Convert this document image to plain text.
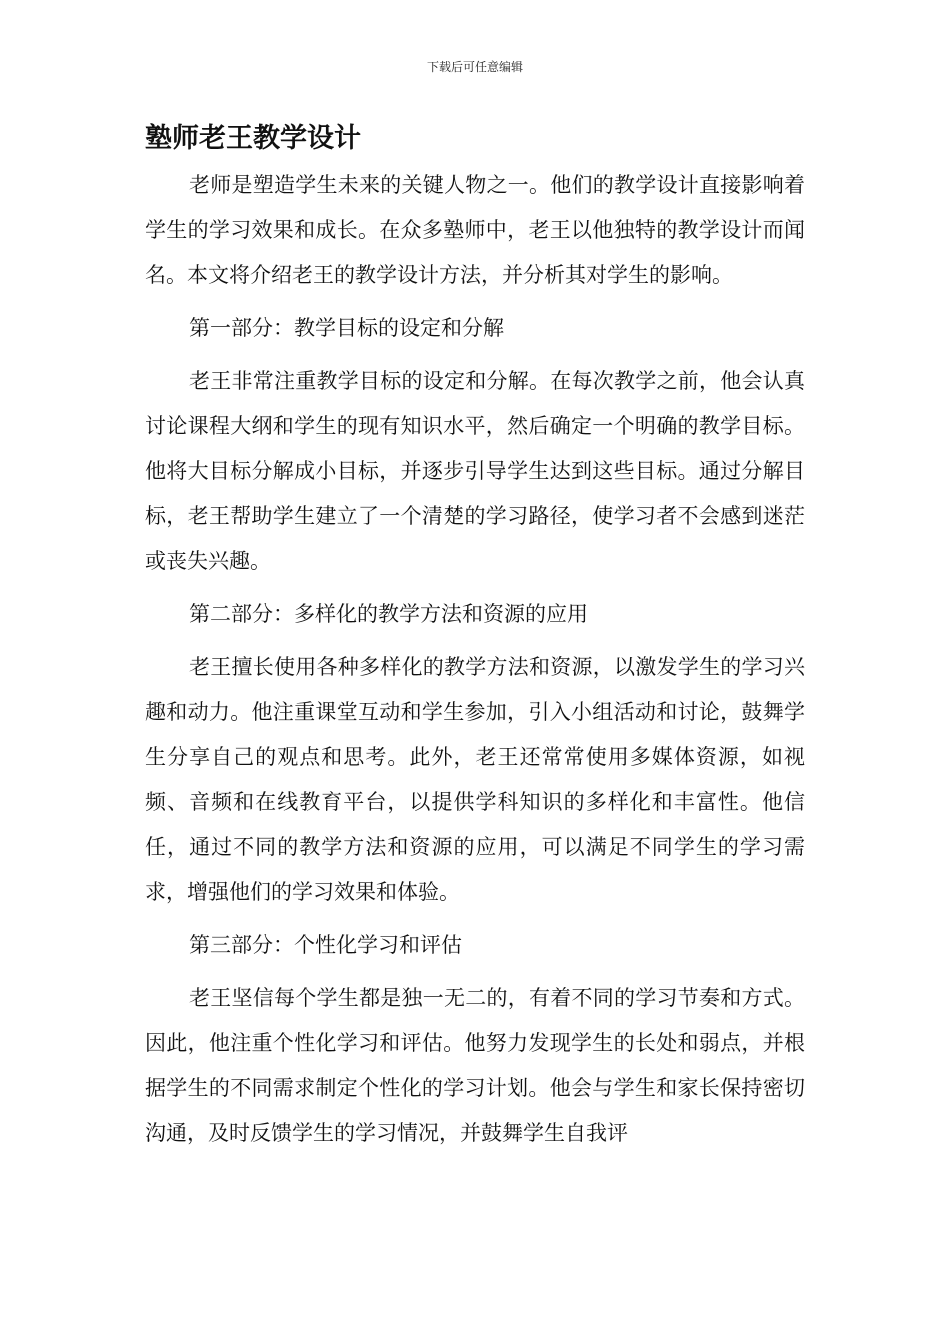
下载后可任意编辑
塾师老王教学设计

老师是塑造学生未来的关键人物之一。他们的教学设计直接影响着学生的学习效果和成长。在众多塾师中，老王以他独特的教学设计而闻名。本文将介绍老王的教学设计方法，并分析其对学生的影响。

第一部分：教学目标的设定和分解

老王非常注重教学目标的设定和分解。在每次教学之前，他会认真讨论课程大纲和学生的现有知识水平，然后确定一个明确的教学目标。他将大目标分解成小目标，并逐步引导学生达到这些目标。通过分解目标，老王帮助学生建立了一个清楚的学习路径，使学习者不会感到迷茫或丧失兴趣。

第二部分：多样化的教学方法和资源的应用

老王擅长使用各种多样化的教学方法和资源，以激发学生的学习兴趣和动力。他注重课堂互动和学生参加，引入小组活动和讨论，鼓舞学生分享自己的观点和思考。此外，老王还常常使用多媒体资源，如视频、音频和在线教育平台，以提供学科知识的多样化和丰富性。他信任，通过不同的教学方法和资源的应用，可以满足不同学生的学习需求，增强他们的学习效果和体验。

第三部分：个性化学习和评估

老王坚信每个学生都是独一无二的，有着不同的学习节奏和方式。因此，他注重个性化学习和评估。他努力发现学生的长处和弱点，并根据学生的不同需求制定个性化的学习计划。他会与学生和家长保持密切沟通，及时反馈学生的学习情况，并鼓舞学生自我评
